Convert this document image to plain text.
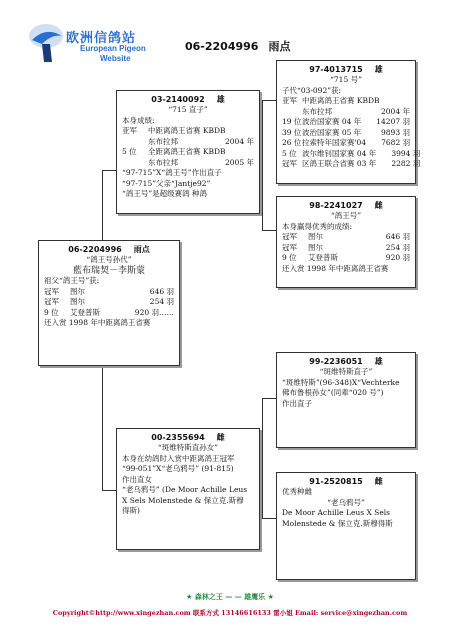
欧洲信鸽站
European Pigeon
Website
06-2204996 雨点
06-2204996 雨点
“鸽王号孙代”
藍布瑞契－李斯蒙
祖父“鸽王号”获:
冠军	图尔	646 羽
冠军	图尔	254 羽
9 位	艾登普斯	920 羽……
还入赏 1998 年中距离鸽王省赛
03-2140092 雄
“715 直子”
本身成绩:
亚军	中距离鸽王省赛 KBDB
东布拉邦	2004 年
5 位	全距离鸽王省赛 KBDB
东布拉邦	2005 年
“97-715”X“鸽王号”作出直子
“97-715”父亲“Jantje92”
“鸽王号”是超级赛鸽 种鸽
00-2355694 雌
“斑维特斯直孙女”
本身在幼鸽时入赏中距离鸽王冠军
“99-051”X“老乌鸦号” (91-815)
作出直女
“老乌鸦号” (De Moor Achille Leus
X Sels Molenstede & 保立克.斯穆
得斯)
97-4013715 雄
“715 号”
子代“03-092”获:
亚军 中距离鸽王省赛 KBDB
东布拉邦	2004 年
19 位 波治国家赛 04 年	14207 羽
39 位 波治国家赛 05 年	9893 羽
26 位 拉索特年国家赛'04	7682 羽
5 位 波尔维钊国家赛 04 年	3994 羽
冠军 区鸽王联合省赛 03 年	2282 羽
98-2241027 雌
“鸽王号”
本身赢得优秀的成绩:
冠军	图尔	646 羽
冠军	图尔	254 羽
9 位	艾登普斯	920 羽
还入赏 1998 年中距离鸽王省赛
99-2236051 雄
“斑维特斯直子”
“斑维特斯”(96-348)X“Vechterke
佛布鲁根孙女”(同辈“020 号”)
作出直子
91-2520815 雌
优秀种雌
“老乌鸦号”
De Moor Achille Leus X Sels
Molenstede & 保立克.斯穆得斯
★ 森林之王 — — 雄鹰乐 ★
Copyright©http://www.xingezhan.com 联系方式 13146616133 雷小姐 Email: service@xingezhan.com
